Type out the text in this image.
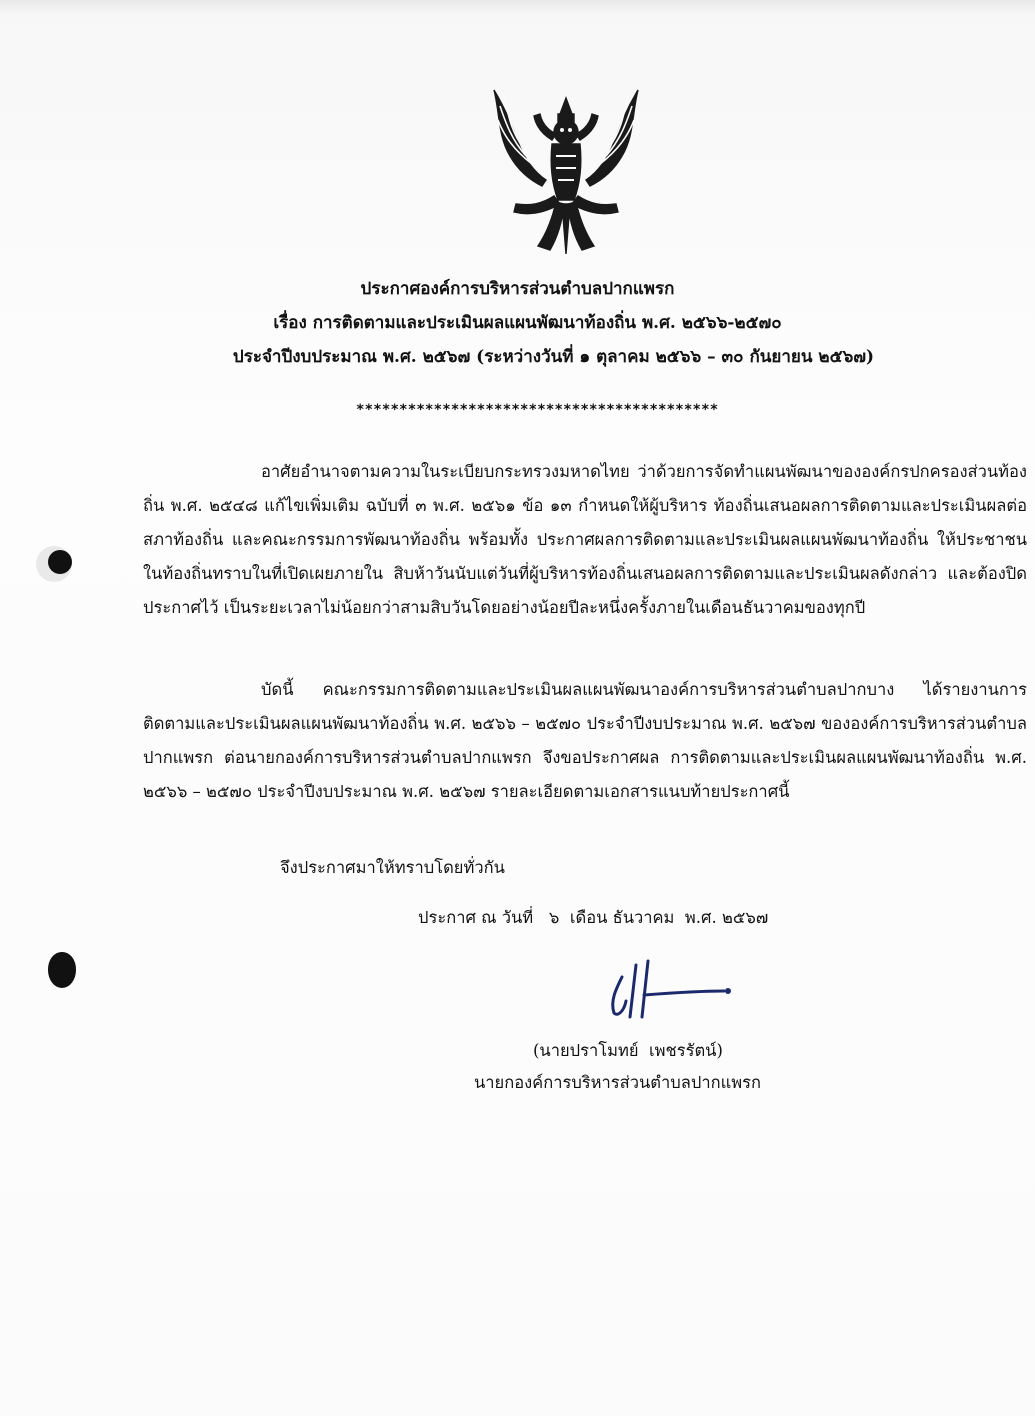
ประกาศองค์การบริหารส่วนตำบลปากแพรก
เรื่อง การติดตามและประเมินผลแผนพัฒนาท้องถิ่น พ.ศ. ๒๕๖๖-๒๕๗๐
ประจำปีงบประมาณ พ.ศ. ๒๕๖๗ (ระหว่างวันที่ ๑ ตุลาคม ๒๕๖๖ – ๓๐ กันยายน ๒๕๖๗)
******************************************

อาศัยอำนาจตามความในระเบียบกระทรวงมหาดไทย ว่าด้วยการจัดทำแผนพัฒนาขององค์กรปกครองส่วนท้องถิ่น พ.ศ. ๒๕๔๘ แก้ไขเพิ่มเติม ฉบับที่ ๓ พ.ศ. ๒๕๖๑ ข้อ ๑๓ กำหนดให้ผู้บริหาร ท้องถิ่นเสนอผลการติดตามและประเมินผลต่อสภาท้องถิ่น และคณะกรรมการพัฒนาท้องถิ่น พร้อมทั้ง ประกาศผลการติดตามและประเมินผลแผนพัฒนาท้องถิ่น ให้ประชาชนในท้องถิ่นทราบในที่เปิดเผยภายใน สิบห้าวันนับแต่วันที่ผู้บริหารท้องถิ่นเสนอผลการติดตามและประเมินผลดังกล่าว และต้องปิดประกาศไว้ เป็นระยะเวลาไม่น้อยกว่าสามสิบวันโดยอย่างน้อยปีละหนึ่งครั้งภายในเดือนธันวาคมของทุกปี

บัดนี้ คณะกรรมการติดตามและประเมินผลแผนพัฒนาองค์การบริหารส่วนตำบลปากบาง ได้รายงานการติดตามและประเมินผลแผนพัฒนาท้องถิ่น พ.ศ. ๒๕๖๖ – ๒๕๗๐ ประจำปีงบประมาณ พ.ศ. ๒๕๖๗ ขององค์การบริหารส่วนตำบลปากแพรก ต่อนายกองค์การบริหารส่วนตำบลปากแพรก จึงขอประกาศผล การติดตามและประเมินผลแผนพัฒนาท้องถิ่น พ.ศ. ๒๕๖๖ – ๒๕๗๐ ประจำปีงบประมาณ พ.ศ. ๒๕๖๗ รายละเอียดตามเอกสารแนบท้ายประกาศนี้

จึงประกาศมาให้ทราบโดยทั่วกัน
ประกาศ ณ วันที่   ๖  เดือน ธันวาคม  พ.ศ. ๒๕๖๗
(นายปราโมทย์  เพชรรัตน์)
นายกองค์การบริหารส่วนตำบลปากแพรก
